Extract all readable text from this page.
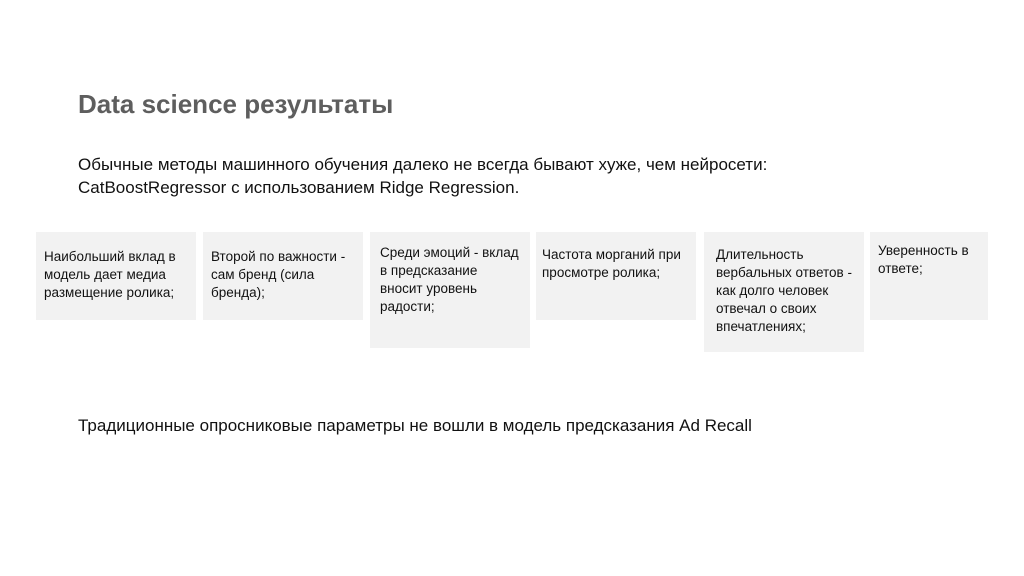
Data science результаты
Обычные методы машинного обучения далеко не всегда бывают хуже, чем нейросети:
CatBoostRegressor с использованием Ridge Regression.
Наибольший вклад в модель дает медиа размещение ролика;
Второй по важности - сам бренд (сила бренда);
Среди эмоций - вклад в предсказание вносит уровень радости;
Частота морганий при просмотре ролика;
Длительность вербальных ответов - как долго человек отвечал о своих впечатлениях;
Уверенность в ответе;
Традиционные опросниковые параметры не вошли в модель предсказания Ad Recall
